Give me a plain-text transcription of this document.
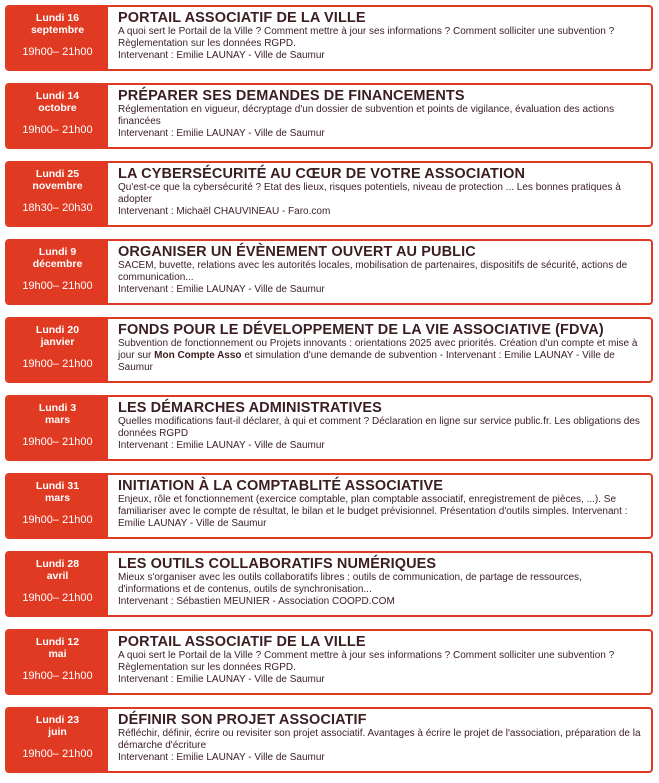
Lundi 16
septembre
19h00– 21h00
PORTAIL ASSOCIATIF DE LA VILLE
A quoi sert le Portail de la Ville ? Comment mettre à jour ses informations ? Comment solliciter une subvention ? Règlementation sur les données RGPD.
Intervenant : Emilie LAUNAY - Ville de Saumur
Lundi 14
octobre
19h00– 21h00
PRÉPARER SES DEMANDES DE FINANCEMENTS
Réglementation en vigueur, décryptage d'un dossier de subvention et points de vigilance, évaluation des actions financées
Intervenant : Emilie LAUNAY - Ville de Saumur
Lundi 25
novembre
18h30– 20h30
LA CYBERSÉCURITÉ AU CŒUR DE VOTRE ASSOCIATION
Qu'est-ce que la cybersécurité ? Etat des lieux, risques potentiels, niveau de protection ... Les bonnes pratiques à adopter
Intervenant : Michaël CHAUVINEAU - Faro.com
Lundi 9
décembre
19h00– 21h00
ORGANISER UN ÉVÈNEMENT OUVERT AU PUBLIC
SACEM, buvette, relations avec les autorités locales, mobilisation de partenaires, dispositifs de sécurité, actions de communication...
Intervenant : Emilie LAUNAY - Ville de Saumur
Lundi 20
janvier
19h00– 21h00
FONDS POUR LE DÉVELOPPEMENT DE LA VIE ASSOCIATIVE (FDVA)
Subvention de fonctionnement ou Projets innovants : orientations 2025 avec priorités. Création d'un compte et mise à jour sur Mon Compte Asso et simulation d'une demande de subvention - Intervenant : Emilie LAUNAY - Ville de Saumur
Lundi 3
mars
19h00– 21h00
LES DÉMARCHES ADMINISTRATIVES
Quelles modifications faut-il déclarer, à qui et comment ? Déclaration en ligne sur service public.fr. Les obligations des données RGPD
Intervenant : Emilie LAUNAY - Ville de Saumur
Lundi 31
mars
19h00– 21h00
INITIATION À LA COMPTABLITÉ ASSOCIATIVE
Enjeux, rôle et fonctionnement (exercice comptable, plan comptable associatif, enregistrement de pièces, ...). Se familiariser avec le compte de résultat, le bilan et le budget prévisionnel. Présentation d'outils simples. Intervenant : Emilie LAUNAY - Ville de Saumur
Lundi 28
avril
19h00– 21h00
LES OUTILS COLLABORATIFS NUMÉRIQUES
Mieux s'organiser avec les outils collaboratifs libres : outils de communication, de partage de ressources, d'informations et de contenus, outils de synchronisation...
Intervenant : Sébastien MEUNIER - Association COOPD.COM
Lundi 12
mai
19h00– 21h00
PORTAIL ASSOCIATIF DE LA VILLE
A quoi sert le Portail de la Ville ? Comment mettre à jour ses informations ? Comment solliciter une subvention ? Règlementation sur les données RGPD.
Intervenant : Emilie LAUNAY - Ville de Saumur
Lundi 23
juin
19h00– 21h00
DÉFINIR SON PROJET ASSOCIATIF
Réfléchir, définir, écrire ou revisiter son projet associatif. Avantages à écrire le projet de l'association, préparation de la démarche d'écriture
Intervenant : Emilie LAUNAY - Ville de Saumur
